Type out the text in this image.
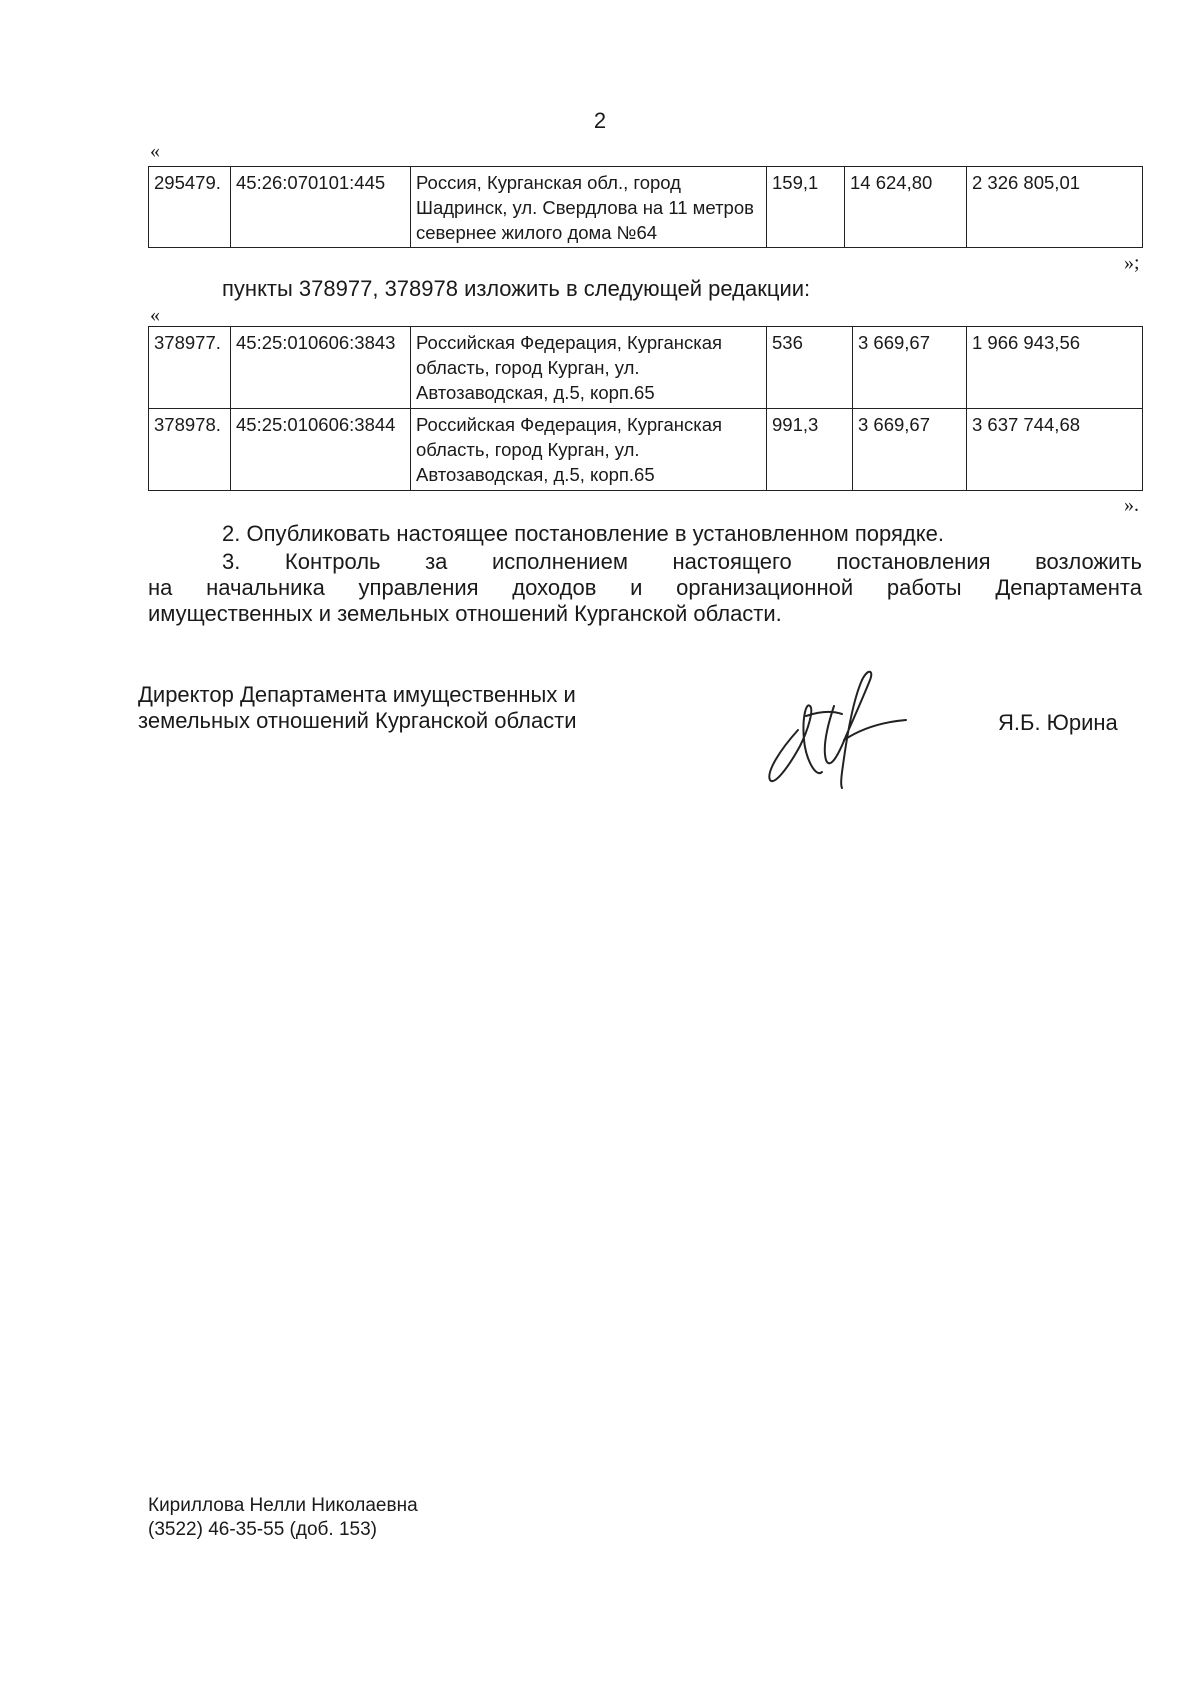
2
«
295479.	45:26:070101:445	Россия, Курганская обл., город Шадринск, ул. Свердлова на 11 метров севернее жилого дома №64	159,1	14 624,80	2 326 805,01
»;
пункты 378977, 378978 изложить в следующей редакции:
«
378977.	45:25:010606:3843	Российская Федерация, Курганская область, город Курган, ул. Автозаводская, д.5, корп.65	536	3 669,67	1 966 943,56
378978.	45:25:010606:3844	Российская Федерация, Курганская область, город Курган, ул. Автозаводская, д.5, корп.65	991,3	3 669,67	3 637 744,68
».
2. Опубликовать настоящее постановление в установленном порядке.
3. Контроль за исполнением настоящего постановления возложить
на начальника управления доходов и организационной работы Департамента
имущественных и земельных отношений Курганской области.
Директор Департамента имущественных и
земельных отношений Курганской области	Я.Б. Юрина
Кириллова Нелли Николаевна
(3522) 46-35-55 (доб. 153)
